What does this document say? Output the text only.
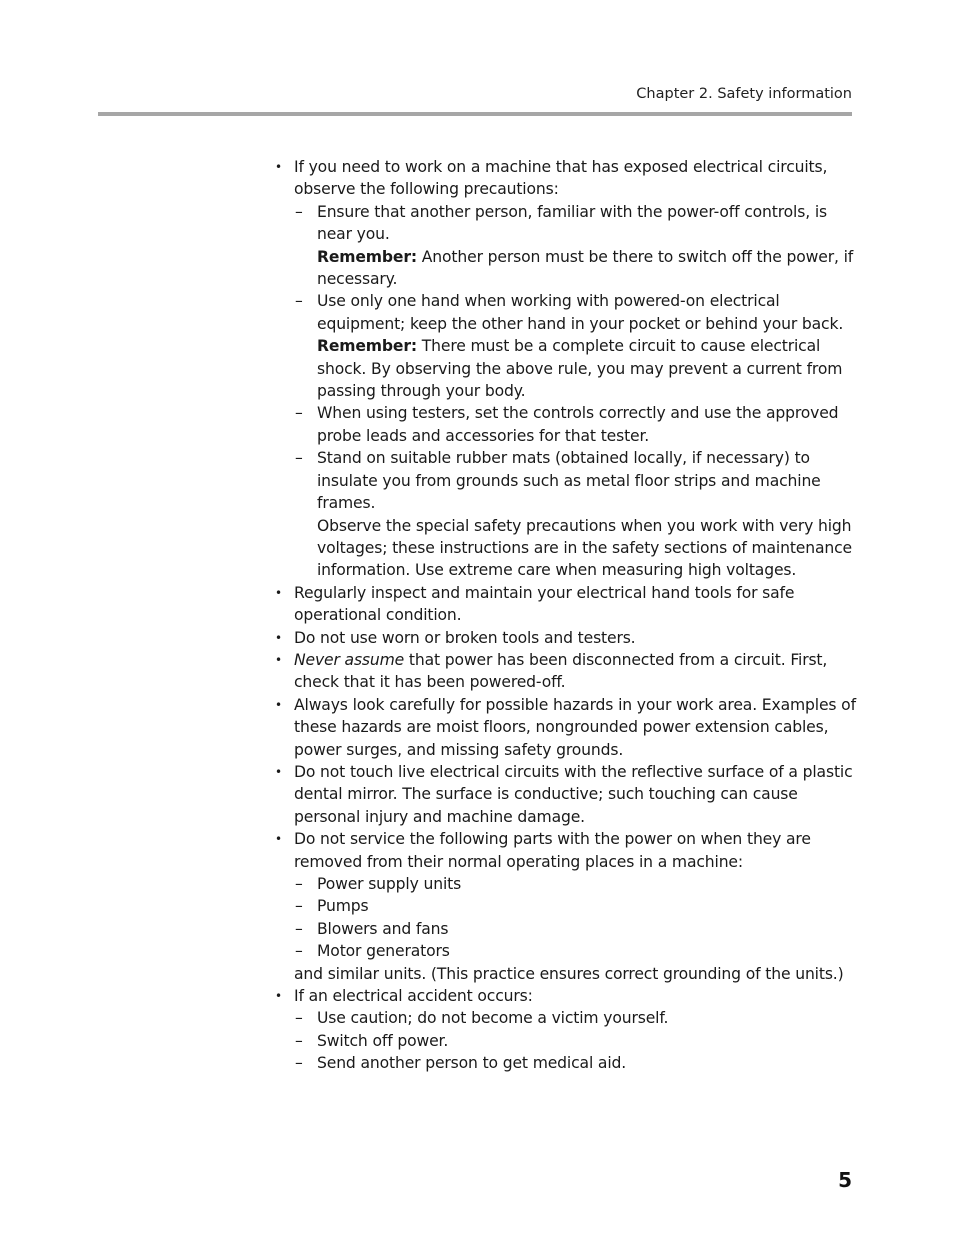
Chapter 2. Safety information
• If you need to work on a machine that has exposed electrical circuits, observe the following precautions:
– Ensure that another person, familiar with the power-off controls, is near you.
Remember: Another person must be there to switch off the power, if necessary.
– Use only one hand when working with powered-on electrical equipment; keep the other hand in your pocket or behind your back.
Remember: There must be a complete circuit to cause electrical shock. By observing the above rule, you may prevent a current from passing through your body.
– When using testers, set the controls correctly and use the approved probe leads and accessories for that tester.
– Stand on suitable rubber mats (obtained locally, if necessary) to insulate you from grounds such as metal floor strips and machine frames.
Observe the special safety precautions when you work with very high voltages; these instructions are in the safety sections of maintenance information. Use extreme care when measuring high voltages.
• Regularly inspect and maintain your electrical hand tools for safe operational condition.
• Do not use worn or broken tools and testers.
• Never assume that power has been disconnected from a circuit. First, check that it has been powered-off.
• Always look carefully for possible hazards in your work area. Examples of these hazards are moist floors, nongrounded power extension cables, power surges, and missing safety grounds.
• Do not touch live electrical circuits with the reflective surface of a plastic dental mirror. The surface is conductive; such touching can cause personal injury and machine damage.
• Do not service the following parts with the power on when they are removed from their normal operating places in a machine:
– Power supply units
– Pumps
– Blowers and fans
– Motor generators
and similar units. (This practice ensures correct grounding of the units.)
• If an electrical accident occurs:
– Use caution; do not become a victim yourself.
– Switch off power.
– Send another person to get medical aid.
5
